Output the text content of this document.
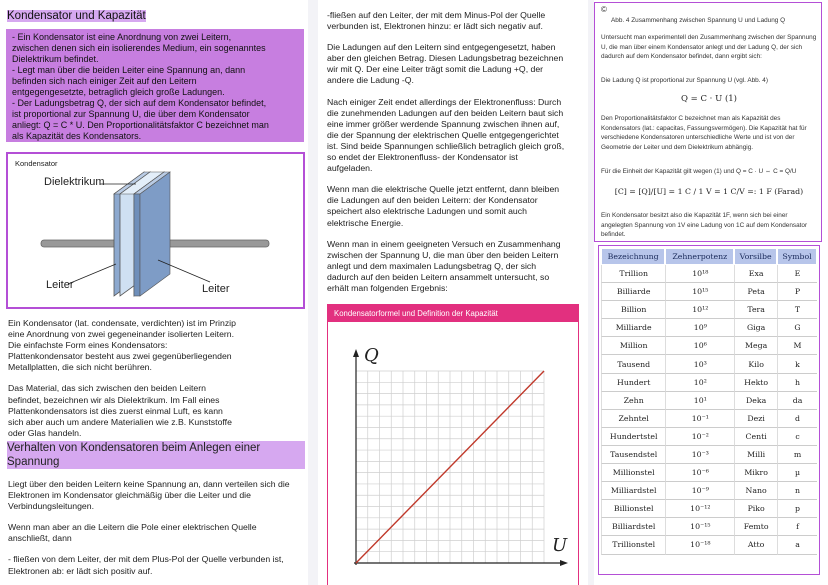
Kondensator und Kapazität
- Ein Kondensator ist eine Anordnung von zwei Leitern,
zwischen denen sich ein isolierendes Medium, ein sogenanntes
Dielektrikum befindet.
- Legt man über die beiden Leiter eine Spannung an, dann
befinden sich nach einiger Zeit auf den Leitern
entgegengesetzte, betraglich gleich große Ladungen.
- Der Ladungsbetrag Q, der sich auf dem Kondensator befindet,
ist proportional zur Spannung U, die über dem Kondensator
anliegt: Q = C * U. Den Proportionalitätsfaktor C bezeichnet man
als Kapazität des Kondensators.
Kondensator
Dielektrikum
Leiter	Leiter

Ein Kondensator (lat. condensate, verdichten) ist im Prinzip
eine Anordnung von zwei gegeneinander isolierten Leitern.
Die einfachste Form eines Kondensators:
Plattenkondensator besteht aus zwei gegenüberliegenden
Metallplatten, die sich nicht berühren.

Das Material, das sich zwischen den beiden Leitern
befindet, bezeichnen wir als Dielektrikum. Im Fall eines
Plattenkondensators ist dies zuerst einmal Luft, es kann
sich aber auch um andere Materialien wie z.B. Kunststoffe
oder Glas handeln.

Verhalten von Kondensatoren beim Anlegen einer
Spannung

Liegt über den beiden Leitern keine Spannung an, dann verteilen sich die
Elektronen im Kondensator gleichmäßig über die Leiter und die
Verbindungsleitungen.

Wenn man aber an die Leitern die Pole einer elektrischen Quelle
anschließt, dann

- fließen von dem Leiter, der mit dem Plus-Pol der Quelle verbunden ist,
Elektronen ab: er lädt sich positiv auf.

-fließen auf den Leiter, der mit dem Minus-Pol der Quelle
verbunden ist, Elektronen hinzu: er lädt sich negativ auf.

Die Ladungen auf den Leitern sind entgegengesetzt, haben
aber den gleichen Betrag. Diesen Ladungsbetrag bezeichnen
wir mit Q. Der eine Leiter trägt somit die Ladung +Q, der
andere die Ladung -Q.

Nach einiger Zeit endet allerdings der Elektronenfluss: Durch
die zunehmenden Ladungen auf den beiden Leitern baut sich
eine immer größer werdende Spannung zwischen ihnen auf,
die der Spannung der elektrischen Quelle entgegengerichtet
ist. Sind beide Spannungen schließlich betraglich gleich groß,
so endet der Elektronenfluss- der Kondensator ist
aufgeladen.

Wenn man die elektrische Quelle jetzt entfernt, dann bleiben
die Ladungen auf den beiden Leitern: der Kondensator
speichert also elektrische Ladungen und somit auch
elektrische Energie.

Wenn man in einem geeigneten Versuch en Zusammenhang
zwischen der Spannung U, die man über den beiden Leitern
anlegt und dem maximalen Ladungsbetrag Q, der sich
dadurch auf den beiden Leitern ansammelt untersucht, so
erhält man folgenden Ergebnis:

Kondensatorformel und Definition der Kapazität
Q
U
©
Abb. 4 Zusammenhang zwischen Spannung U und Ladung Q
Untersucht man experimentell den Zusammenhang zwischen der Spannung
U, die man über einem Kondensator anlegt und der Ladung Q, der sich
dadurch auf dem Kondensator befindet, dann ergibt sich:
Die Ladung Q ist proportional zur Spannung U (vgl. Abb. 4)
Q = C · U (1)
Den Proportionalitätsfaktor C bezeichnet man als Kapazität des
Kondensators (lat.: capacitas, Fassungsvermögen). Die Kapazität hat für
verschiedene Kondensatoren unterschiedliche Werte und ist von der
Geometrie der Leiter und dem Dielektrikum abhängig.
Für die Einheit der Kapazität gilt wegen (1) und Q = C · U ⇔ C = Q/U
[C] = [Q]/[U] = 1 C / 1 V = 1 C/V =: 1 F (Farad)
Ein Kondensator besitzt also die Kapazität 1F, wenn sich bei einer
angelegten Spannung von 1V eine Ladung von 1C auf dem Kondensator
befindet.
Bezeichnung	Zehnerpotenz	Vorsilbe	Symbol
Trillion	10¹⁸	Exa	E
Billiarde	10¹⁵	Peta	P
Billion	10¹²	Tera	T
Milliarde	10⁹	Giga	G
Million	10⁶	Mega	M
Tausend	10³	Kilo	k
Hundert	10²	Hekto	h
Zehn	10¹	Deka	da
Zehntel	10⁻¹	Dezi	d
Hundertstel	10⁻²	Centi	c
Tausendstel	10⁻³	Milli	m
Millionstel	10⁻⁶	Mikro	µ
Milliardstel	10⁻⁹	Nano	n
Billionstel	10⁻¹²	Piko	p
Billiardstel	10⁻¹⁵	Femto	f
Trillionstel	10⁻¹⁸	Atto	a
